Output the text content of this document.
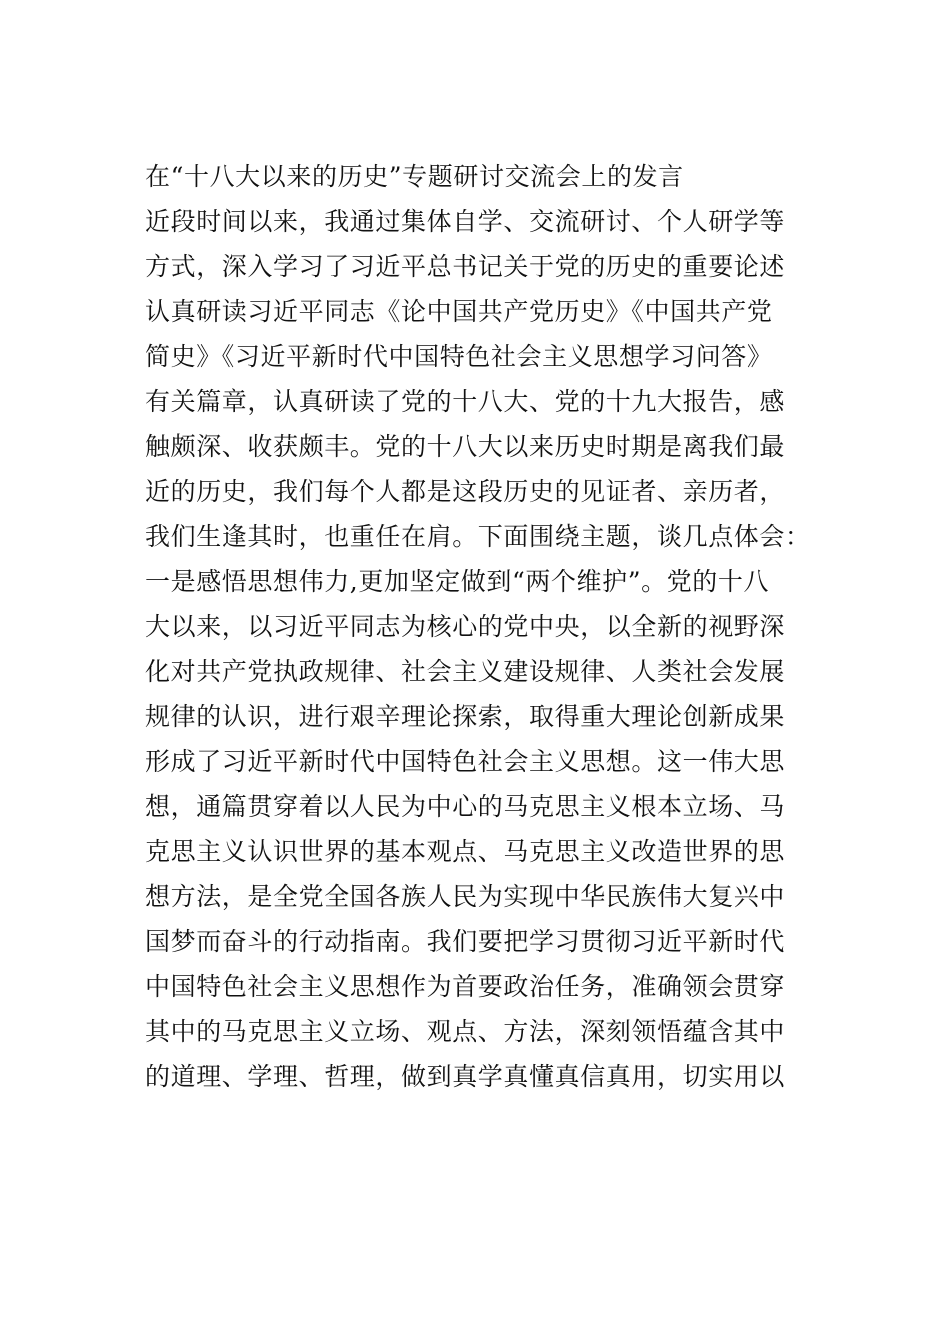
在“十八大以来的历史”专题研讨交流会上的发言
近段时间以来，我通过集体自学、交流研讨、个人研学等
方式，深入学习了习近平总书记关于党的历史的重要论述
认真研读习近平同志《论中国共产党历史》《中国共产党
简史》《习近平新时代中国特色社会主义思想学习问答》
有关篇章，认真研读了党的十八大、党的十九大报告，感
触颇深、收获颇丰。党的十八大以来历史时期是离我们最
近的历史，我们每个人都是这段历史的见证者、亲历者，
我们生逢其时，也重任在肩。下面围绕主题，谈几点体会：
一是感悟思想伟力,更加坚定做到“两个维护”。党的十八
大以来，以习近平同志为核心的党中央，以全新的视野深
化对共产党执政规律、社会主义建设规律、人类社会发展
规律的认识，进行艰辛理论探索，取得重大理论创新成果
形成了习近平新时代中国特色社会主义思想。这一伟大思
想，通篇贯穿着以人民为中心的马克思主义根本立场、马
克思主义认识世界的基本观点、马克思主义改造世界的思
想方法，是全党全国各族人民为实现中华民族伟大复兴中
国梦而奋斗的行动指南。我们要把学习贯彻习近平新时代
中国特色社会主义思想作为首要政治任务，准确领会贯穿
其中的马克思主义立场、观点、方法，深刻领悟蕴含其中
的道理、学理、哲理，做到真学真懂真信真用，切实用以
